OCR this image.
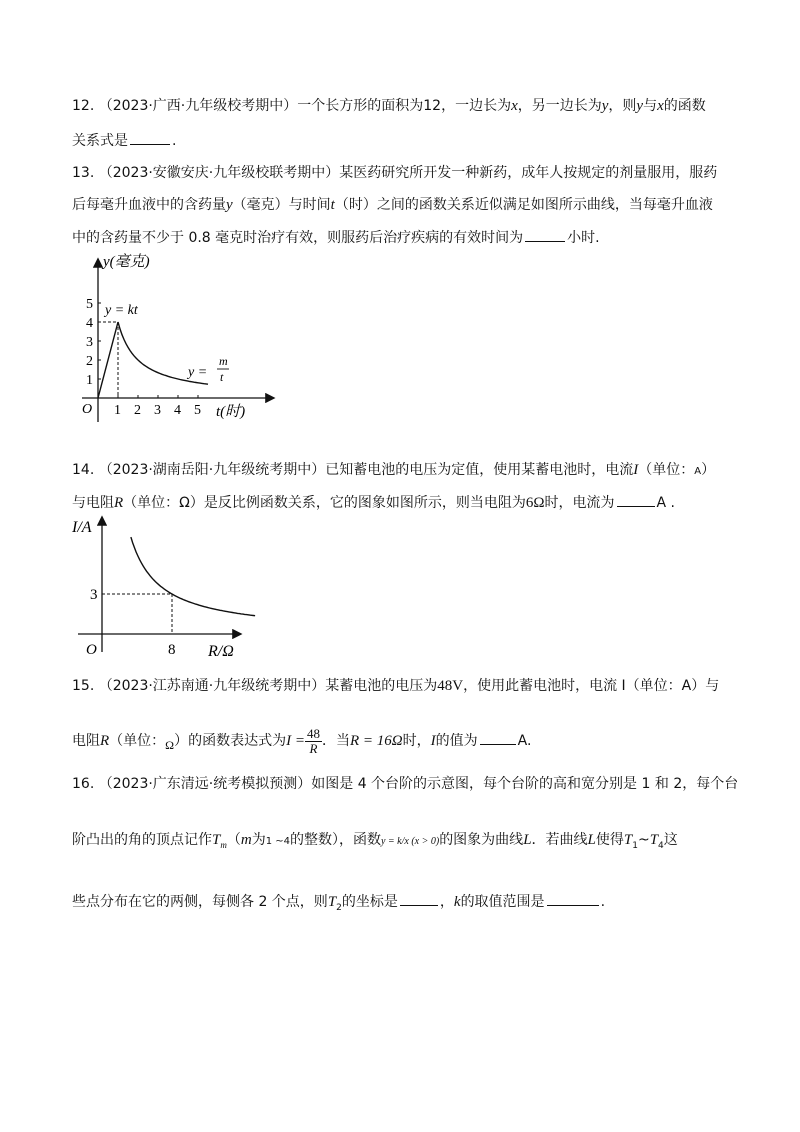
12. （2023·广西·九年级校考期中）一个长方形的面积为12，一边长为x，另一边长为y，则y与x的函数
关系式是	.
13. （2023·安徽安庆·九年级校联考期中）某医药研究所开发一种新药，成年人按规定的剂量服用，服药
后每毫升血液中的含药量y（毫克）与时间t（时）之间的函数关系近似满足如图所示曲线，当每毫升血液
中的含药量不少于 0.8 毫克时治疗有效，则服药后治疗疾病的有效时间为	小时.
y(毫克)
t(时)
O
5
4
3
2
1
1 2 3 4 5
y = kt
y =
m
t
14. （2023·湖南岳阳·九年级统考期中）已知蓄电池的电压为定值，使用某蓄电池时，电流I（单位：A）
与电阻R（单位：Ω）是反比例函数关系，它的图象如图所示，则当电阻为6Ω时，电流为	A .
I/A
R/Ω
O
3
8
15. （2023·江苏南通·九年级统考期中）某蓄电池的电压为48V，使用此蓄电池时，电流 I（单位：A）与
电阻R（单位：Ω）的函数表达式为$I = \frac{48}{R}$ ．当R = 16Ω时，I的值为	A.
16. （2023·广东清远·统考模拟预测）如图是 4 个台阶的示意图，每个台阶的高和宽分别是 1 和 2，每个台
阶凸出的角的顶点记作$T_m(m$为1 ~4的整数），函数y = k/x (x > 0)的图象为曲线L．若曲线L使得$T_1\sim T_4$这
些点分布在它的两侧，每侧各 2 个点，则$T_2$的坐标是	，k的取值范围是	.
